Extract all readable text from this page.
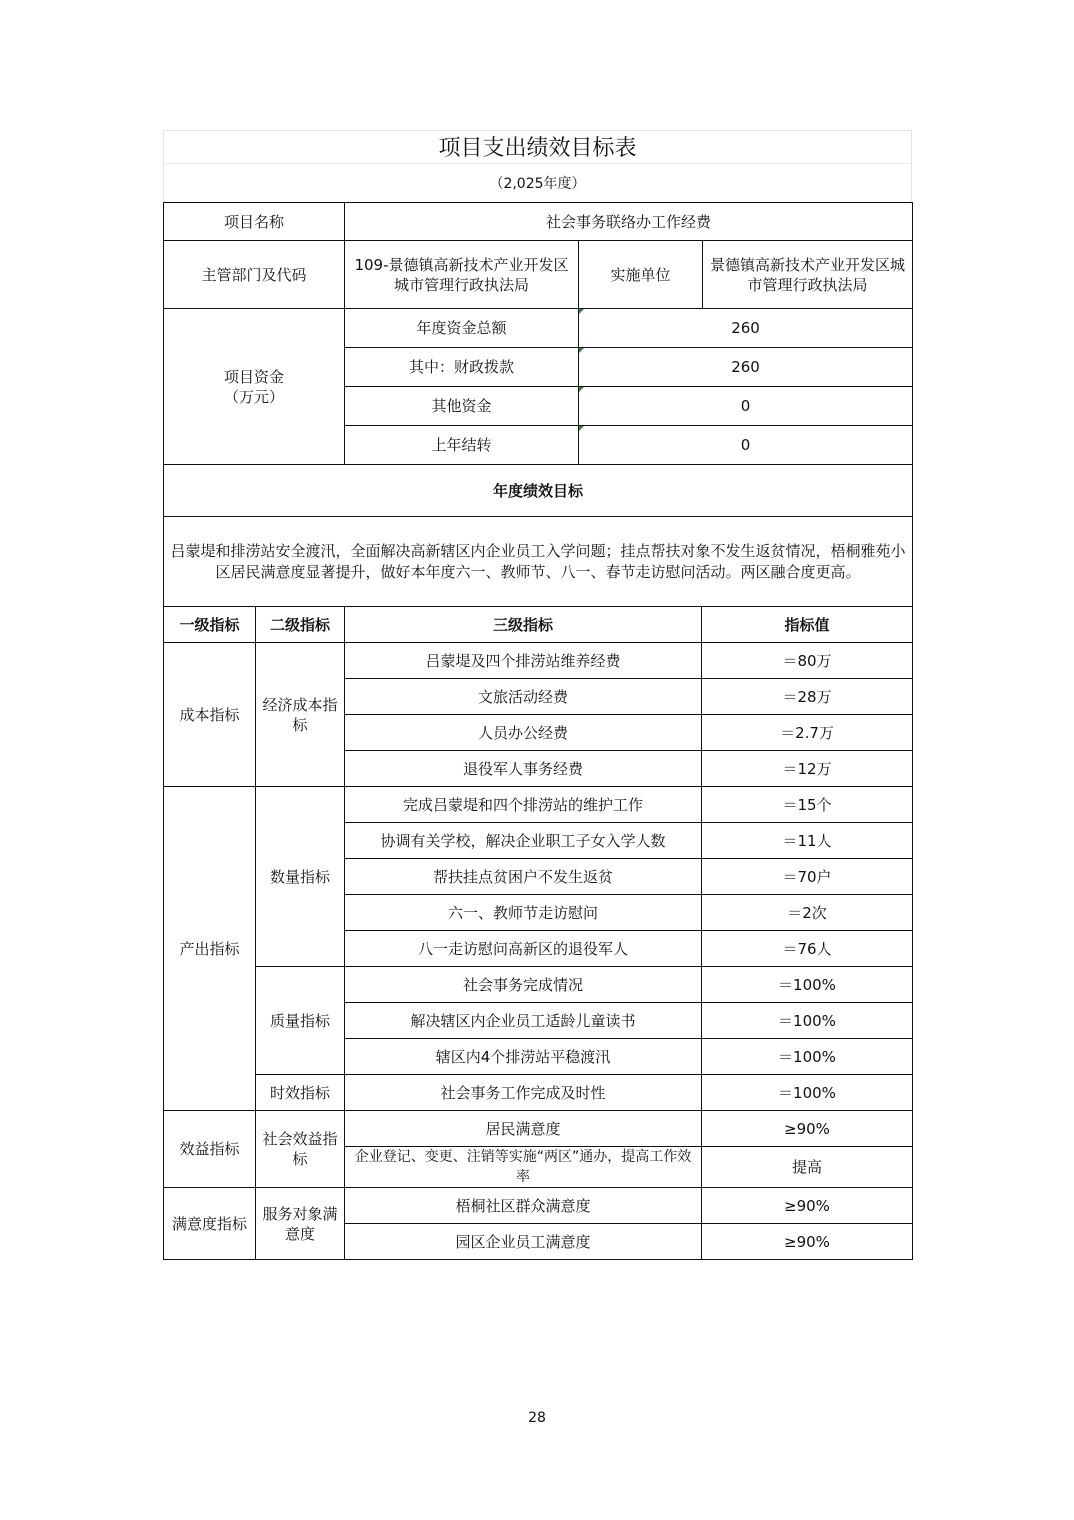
项目支出绩效目标表
（2,025年度）
项目名称	社会事务联络办工作经费		
主管部门及代码	109-景德镇高新技术产业开发区城市管理行政执法局	实施单位	景德镇高新技术产业开发区城市管理行政执法局
项目资金
（万元）	年度资金总额	260	
	其中：财政拨款	260	
	其他资金	0	
	上年结转	0	
年度绩效目标			
吕蒙堤和排涝站安全渡汛，全面解决高新辖区内企业员工入学问题；挂点帮扶对象不发生返贫情况，梧桐雅苑小区居民满意度显著提升，做好本年度六一、教师节、八一、春节走访慰问活动。两区融合度更高。			
一级指标	二级指标	三级指标	指标值
成本指标	经济成本指标	吕蒙堤及四个排涝站维养经费	＝80万
		文旅活动经费	＝28万
		人员办公经费	＝2.7万
		退役军人事务经费	＝12万
产出指标	数量指标	完成吕蒙堤和四个排涝站的维护工作	＝15个
		协调有关学校，解决企业职工子女入学人数	＝11人
		帮扶挂点贫困户不发生返贫	＝70户
		六一、教师节走访慰问	＝2次
		八一走访慰问高新区的退役军人	＝76人
	质量指标	社会事务完成情况	＝100%
		解决辖区内企业员工适龄儿童读书	＝100%
		辖区内4个排涝站平稳渡汛	＝100%
	时效指标	社会事务工作完成及时性	＝100%
效益指标	社会效益指标	居民满意度	≥90%
		企业登记、变更、注销等实施“两区”通办，提高工作效率	提高
满意度指标	服务对象满意度	梧桐社区群众满意度	≥90%
		园区企业员工满意度	≥90%
28
